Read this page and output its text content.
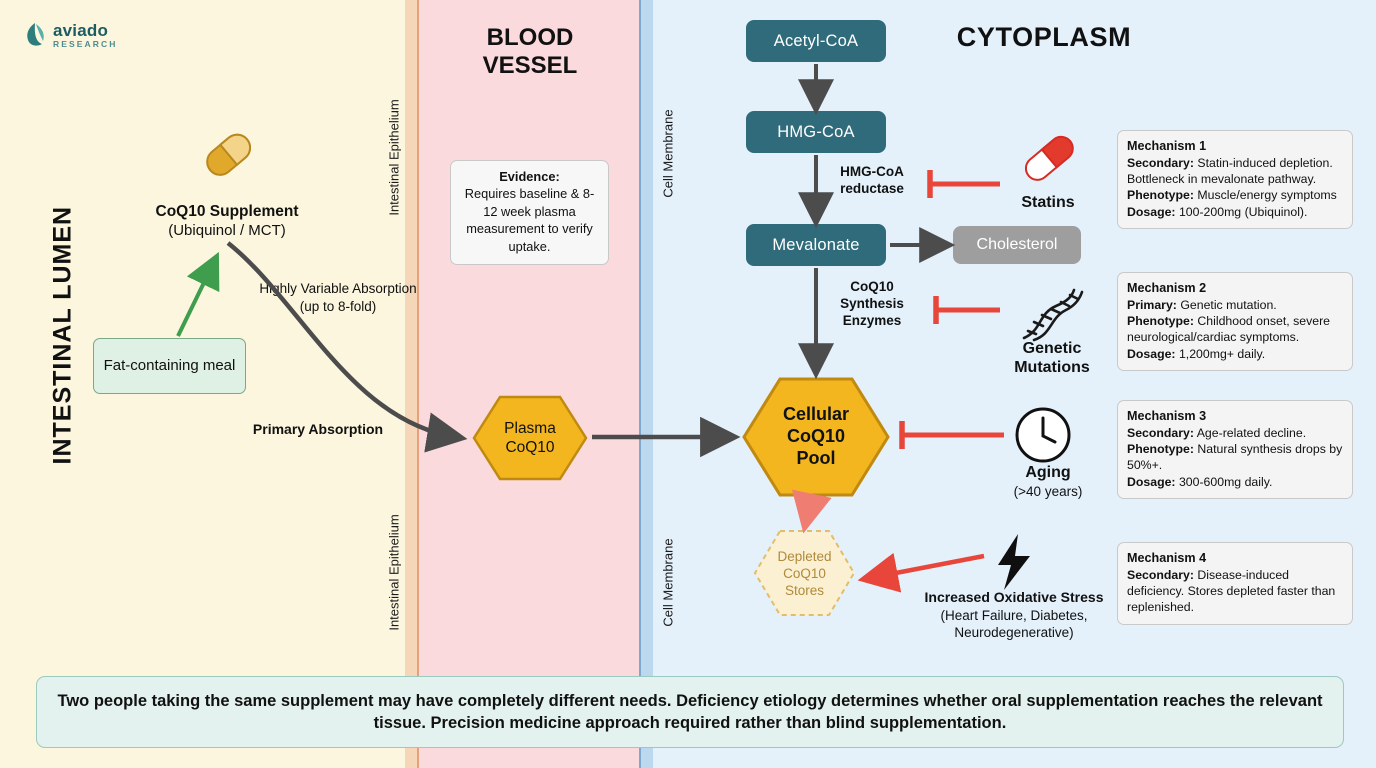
aviado
RESEARCH
INTESTINAL LUMEN
Intestinal Epithelium
Intestinal Epithelium
Cell Membrane
Cell Membrane
BLOOD
VESSEL
CYTOPLASM
CoQ10 Supplement
(Ubiquinol / MCT)
Fat-containing meal
Highly Variable Absorption (up to 8-fold)
Primary Absorption
Evidence:
Requires baseline & 8-12 week plasma measurement to verify uptake.
Acetyl-CoA
HMG-CoA
Mevalonate	Cholesterol
HMG-CoA
reductase
CoQ10
Synthesis
Enzymes
Plasma
CoQ10
Cellular
CoQ10
Pool
Depleted
CoQ10
Stores
Statins
Genetic
Mutations
Aging
(>40 years)
Increased Oxidative Stress
(Heart Failure, Diabetes,
Neurodegenerative)
Mechanism 1
Secondary: Statin-induced depletion. Bottleneck in mevalonate pathway.
Phenotype: Muscle/energy symptoms
Dosage: 100-200mg (Ubiquinol).
Mechanism 2
Primary: Genetic mutation.
Phenotype: Childhood onset, severe neurological/cardiac symptoms.
Dosage: 1,200mg+ daily.
Mechanism 3
Secondary: Age-related decline.
Phenotype: Natural synthesis drops by 50%+.
Dosage: 300-600mg daily.
Mechanism 4
Secondary: Disease-induced deficiency. Stores depleted faster than replenished.
Two people taking the same supplement may have completely different needs. Deficiency etiology determines whether oral supplementation reaches the relevant tissue. Precision medicine approach required rather than blind supplementation.
